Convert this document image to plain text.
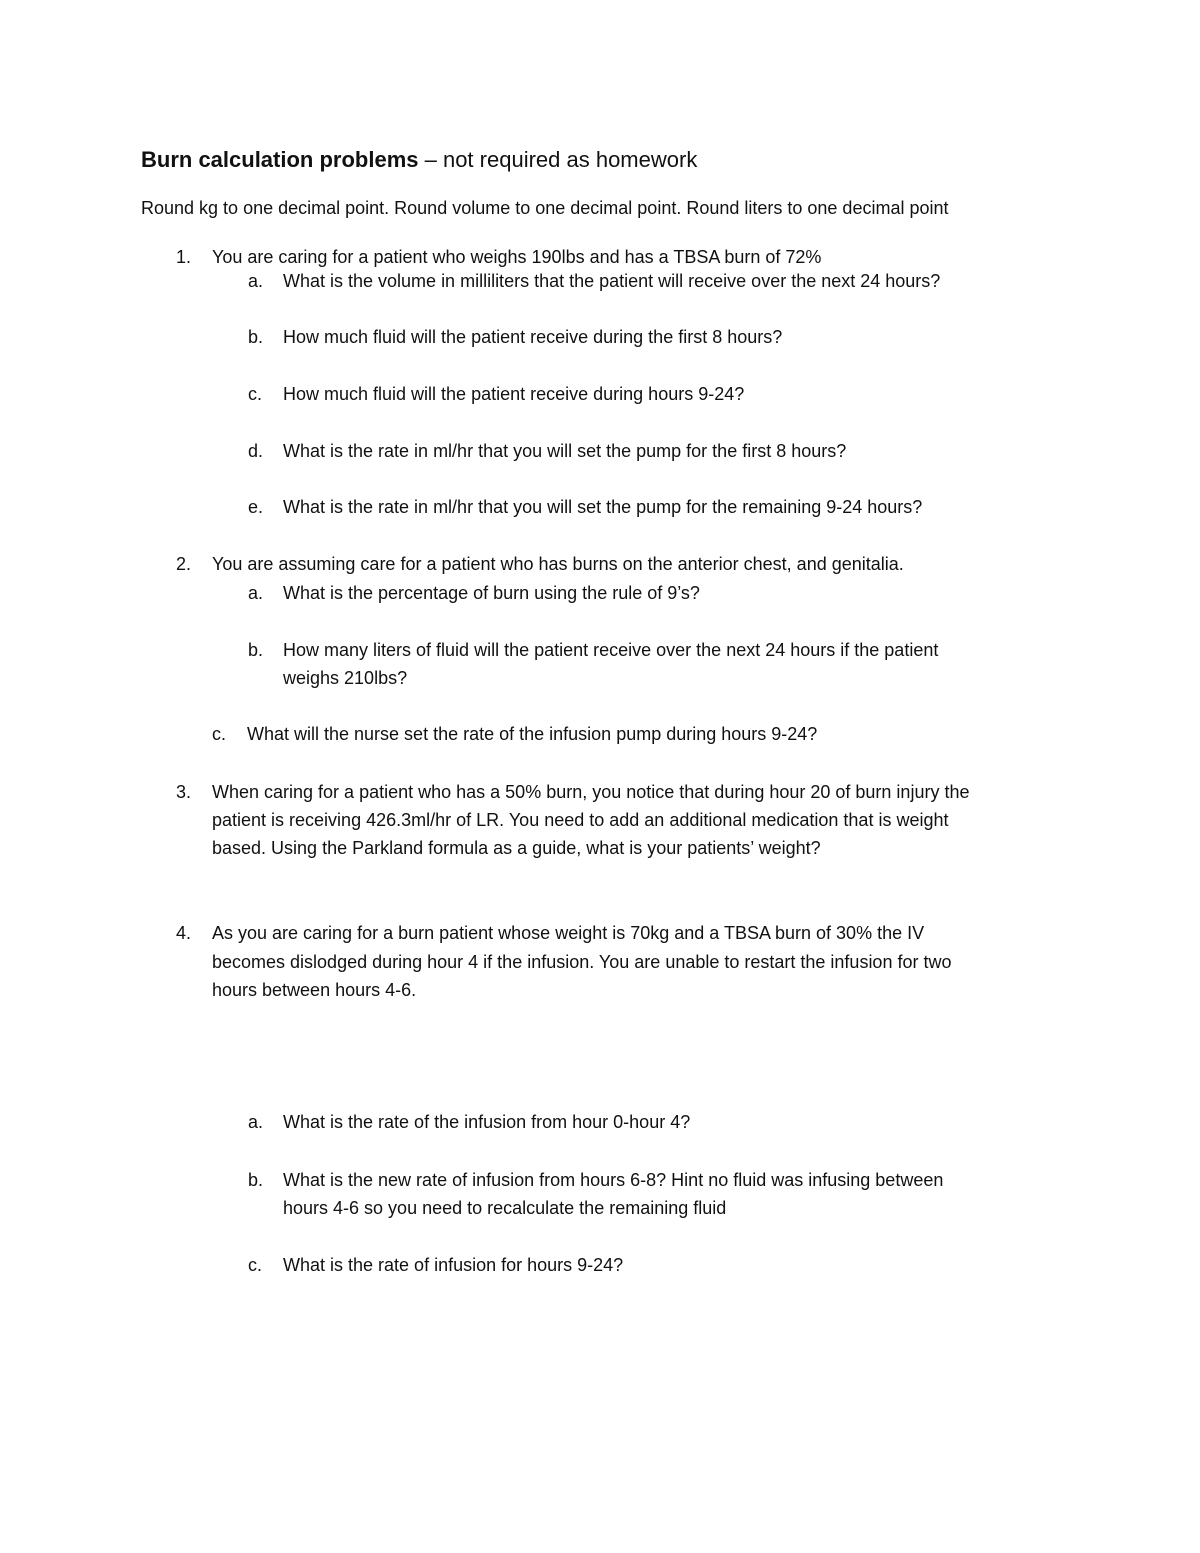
Burn calculation problems – not required as homework
Round kg to one decimal point. Round volume to one decimal point. Round liters to one decimal point
1. You are caring for a patient who weighs 190lbs and has a TBSA burn of 72%
a. What is the volume in milliliters that the patient will receive over the next 24 hours?
b. How much fluid will the patient receive during the first 8 hours?
c. How much fluid will the patient receive during hours 9-24?
d. What is the rate in ml/hr that you will set the pump for the first 8 hours?
e. What is the rate in ml/hr that you will set the pump for the remaining 9-24 hours?
2. You are assuming care for a patient who has burns on the anterior chest, and genitalia.
a. What is the percentage of burn using the rule of 9’s?
b. How many liters of fluid will the patient receive over the next 24 hours if the patient
weighs 210lbs?
c. What will the nurse set the rate of the infusion pump during hours 9-24?
3. When caring for a patient who has a 50% burn, you notice that during hour 20 of burn injury the
patient is receiving 426.3ml/hr of LR. You need to add an additional medication that is weight
based. Using the Parkland formula as a guide, what is your patients’ weight?
4. As you are caring for a burn patient whose weight is 70kg and a TBSA burn of 30% the IV
becomes dislodged during hour 4 if the infusion. You are unable to restart the infusion for two
hours between hours 4-6.
a. What is the rate of the infusion from hour 0-hour 4?
b. What is the new rate of infusion from hours 6-8? Hint no fluid was infusing between
hours 4-6 so you need to recalculate the remaining fluid
c. What is the rate of infusion for hours 9-24?
